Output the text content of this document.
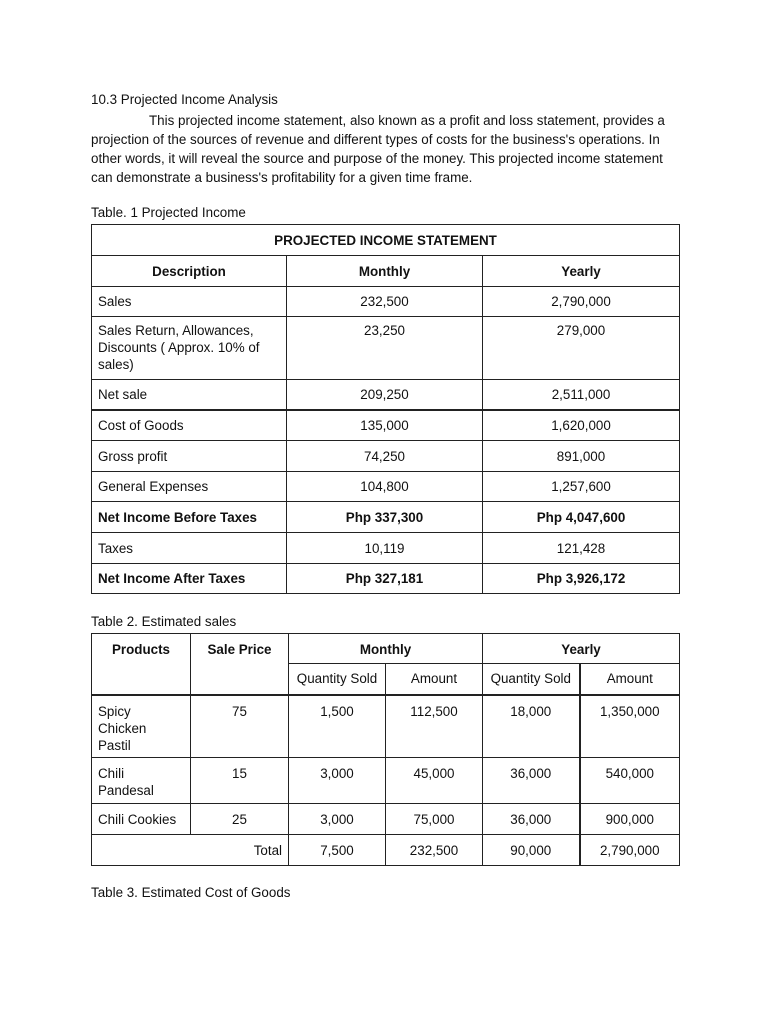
10.3 Projected Income Analysis

This projected income statement, also known as a profit and loss statement, provides a projection of the sources of revenue and different types of costs for the business's operations. In other words, it will reveal the source and purpose of the money. This projected income statement can demonstrate a business's profitability for a given time frame.

Table. 1 Projected Income

PROJECTED INCOME STATEMENT		
Description	Monthly	Yearly
Sales	232,500	2,790,000
Sales Return, Allowances, Discounts ( Approx. 10% of sales)	23,250	279,000
Net sale	209,250	2,511,000
Cost of Goods	135,000	1,620,000
Gross profit	74,250	891,000
General Expenses	104,800	1,257,600
Net Income Before Taxes	Php 337,300	Php 4,047,600
Taxes	10,119	121,428
Net Income After Taxes	Php 327,181	Php 3,926,172

Table 2. Estimated sales

Products	Sale Price	Monthly		Yearly	
		Quantity Sold	Amount	Quantity Sold	Amount
Spicy Chicken Pastil	75	1,500	112,500	18,000	1,350,000
Chili Pandesal	15	3,000	45,000	36,000	540,000
Chili Cookies	25	3,000	75,000	36,000	900,000
Total		7,500	232,500	90,000	2,790,000

Table 3. Estimated Cost of Goods
